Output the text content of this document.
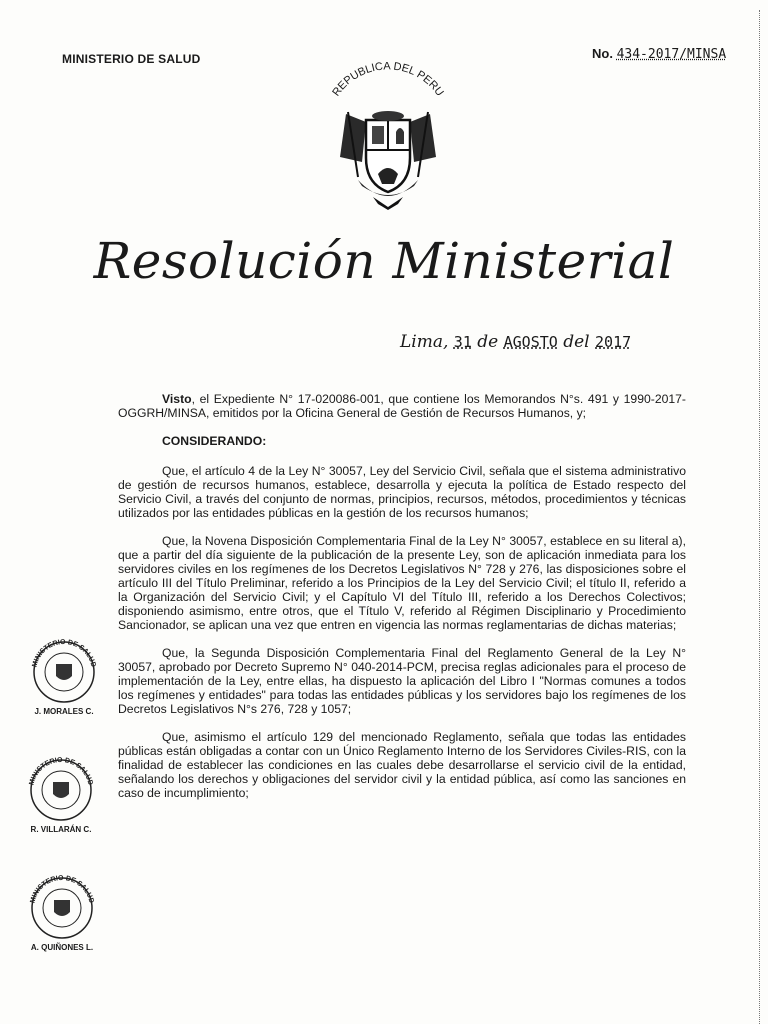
MINISTERIO DE SALUD	No. 434-2017/MINSA
REPUBLICA DEL PERU
Resolución Ministerial
Lima, 31 de AGOSTO del 2017

Visto, el Expediente N° 17-020086-001, que contiene los Memorandos N°s. 491 y 1990-2017-OGGRH/MINSA, emitidos por la Oficina General de Gestión de Recursos Humanos, y;

CONSIDERANDO:

Que, el artículo 4 de la Ley N° 30057, Ley del Servicio Civil, señala que el sistema administrativo de gestión de recursos humanos, establece, desarrolla y ejecuta la política de Estado respecto del Servicio Civil, a través del conjunto de normas, principios, recursos, métodos, procedimientos y técnicas utilizados por las entidades públicas en la gestión de los recursos humanos;

Que, la Novena Disposición Complementaria Final de la Ley N° 30057, establece en su literal a), que a partir del día siguiente de la publicación de la presente Ley, son de aplicación inmediata para los servidores civiles en los regímenes de los Decretos Legislativos N° 728 y 276, las disposiciones sobre el artículo III del Título Preliminar, referido a los Principios de la Ley del Servicio Civil; el título II, referido a la Organización del Servicio Civil; y el Capítulo VI del Título III, referido a los Derechos Colectivos; disponiendo asimismo, entre otros, que el Título V, referido al Régimen Disciplinario y Procedimiento Sancionador, se aplican una vez que entren en vigencia las normas reglamentarias de dichas materias;

Que, la Segunda Disposición Complementaria Final del Reglamento General de la Ley N° 30057, aprobado por Decreto Supremo N° 040-2014-PCM, precisa reglas adicionales para el proceso de implementación de la Ley, entre ellas, ha dispuesto la aplicación del Libro I "Normas comunes a todos los regímenes y entidades" para todas las entidades públicas y los servidores bajo los regímenes de los Decretos Legislativos N°s 276, 728 y 1057;

Que, asimismo el artículo 129 del mencionado Reglamento, señala que todas las entidades públicas están obligadas a contar con un Único Reglamento Interno de los Servidores Civiles-RIS, con la finalidad de establecer las condiciones en las cuales debe desarrollarse el servicio civil de la entidad, señalando los derechos y obligaciones del servidor civil y la entidad pública, así como las sanciones en caso de incumplimiento;

MINISTERIO DE SALUD
J. MORALES C.
MINISTERIO DE SALUD
R. VILLARÁN C.
MINISTERIO DE SALUD
A. QUIÑONES L.
